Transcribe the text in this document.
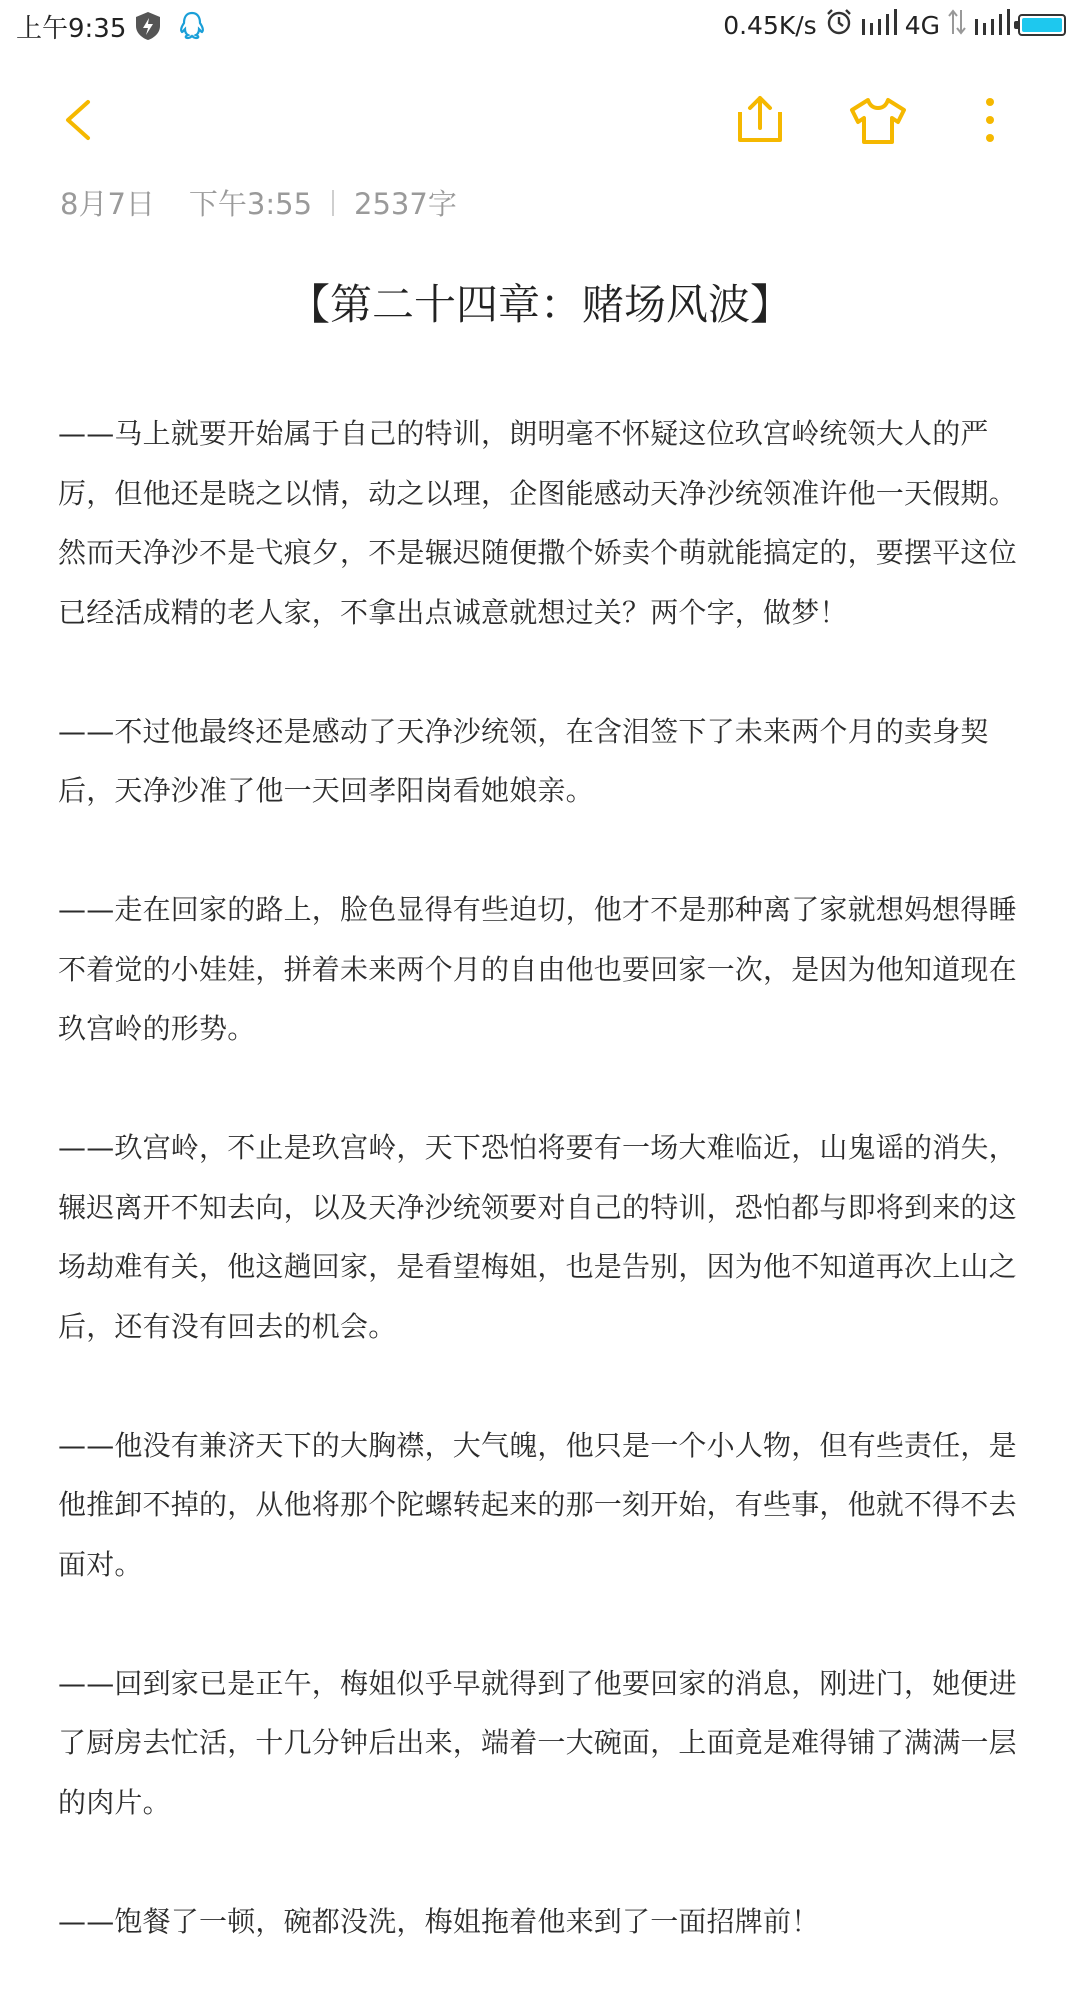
上午9:35	0.45K/s	4G
8月7日 下午3:55 2537字
【第二十四章：赌场风波】

——马上就要开始属于自己的特训，朗明毫不怀疑这位玖宫岭统领大人的严厉，但他还是晓之以情，动之以理，企图能感动天净沙统领准许他一天假期。然而天净沙不是弋痕夕，不是辗迟随便撒个娇卖个萌就能搞定的，要摆平这位已经活成精的老人家，不拿出点诚意就想过关？两个字，做梦！

——不过他最终还是感动了天净沙统领，在含泪签下了未来两个月的卖身契后，天净沙准了他一天回孝阳岗看她娘亲。

——走在回家的路上，脸色显得有些迫切，他才不是那种离了家就想妈想得睡不着觉的小娃娃，拼着未来两个月的自由他也要回家一次，是因为他知道现在玖宫岭的形势。

——玖宫岭，不止是玖宫岭，天下恐怕将要有一场大难临近，山鬼谣的消失，辗迟离开不知去向，以及天净沙统领要对自己的特训，恐怕都与即将到来的这场劫难有关，他这趟回家，是看望梅姐，也是告别，因为他不知道再次上山之后，还有没有回去的机会。

——他没有兼济天下的大胸襟，大气魄，他只是一个小人物，但有些责任，是他推卸不掉的，从他将那个陀螺转起来的那一刻开始，有些事，他就不得不去面对。

——回到家已是正午，梅姐似乎早就得到了他要回家的消息，刚进门，她便进了厨房去忙活，十几分钟后出来，端着一大碗面，上面竟是难得铺了满满一层的肉片。

——饱餐了一顿，碗都没洗，梅姐拖着他来到了一面招牌前！
